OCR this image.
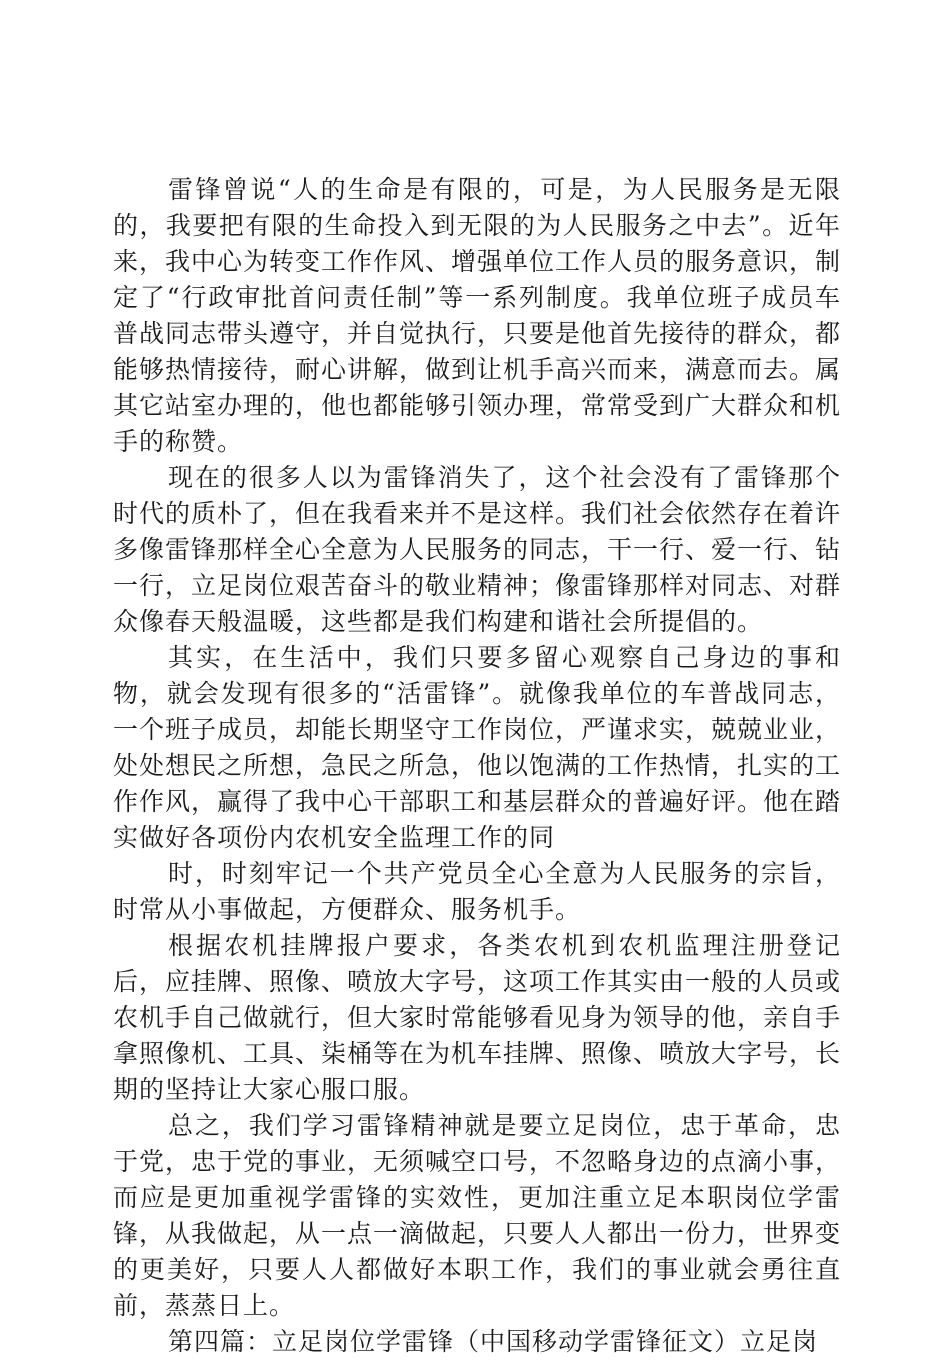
雷锋曾说“人的生命是有限的，可是，为人民服务是无限的，我要把有限的生命投入到无限的为人民服务之中去”。近年来，我中心为转变工作作风、增强单位工作人员的服务意识，制定了“行政审批首问责任制”等一系列制度。我单位班子成员车普战同志带头遵守，并自觉执行，只要是他首先接待的群众，都能够热情接待，耐心讲解，做到让机手高兴而来，满意而去。属其它站室办理的，他也都能够引领办理，常常受到广大群众和机手的称赞。

现在的很多人以为雷锋消失了，这个社会没有了雷锋那个时代的质朴了，但在我看来并不是这样。我们社会依然存在着许多像雷锋那样全心全意为人民服务的同志，干一行、爱一行、钻一行，立足岗位艰苦奋斗的敬业精神；像雷锋那样对同志、对群众像春天般温暖，这些都是我们构建和谐社会所提倡的。

其实，在生活中，我们只要多留心观察自己身边的事和物，就会发现有很多的“活雷锋”。就像我单位的车普战同志，一个班子成员，却能长期坚守工作岗位，严谨求实，兢兢业业，处处想民之所想，急民之所急，他以饱满的工作热情，扎实的工作作风，赢得了我中心干部职工和基层群众的普遍好评。他在踏实做好各项份内农机安全监理工作的同

时，时刻牢记一个共产党员全心全意为人民服务的宗旨，时常从小事做起，方便群众、服务机手。

根据农机挂牌报户要求，各类农机到农机监理注册登记后，应挂牌、照像、喷放大字号，这项工作其实由一般的人员或农机手自己做就行，但大家时常能够看见身为领导的他，亲自手拿照像机、工具、柒桶等在为机车挂牌、照像、喷放大字号，长期的坚持让大家心服口服。

总之，我们学习雷锋精神就是要立足岗位，忠于革命，忠于党，忠于党的事业，无须喊空口号，不忽略身边的点滴小事，而应是更加重视学雷锋的实效性，更加注重立足本职岗位学雷锋，从我做起，从一点一滴做起，只要人人都出一份力，世界变的更美好，只要人人都做好本职工作，我们的事业就会勇往直前，蒸蒸日上。

第四篇：立足岗位学雷锋（中国移动学雷锋征文）立足岗
